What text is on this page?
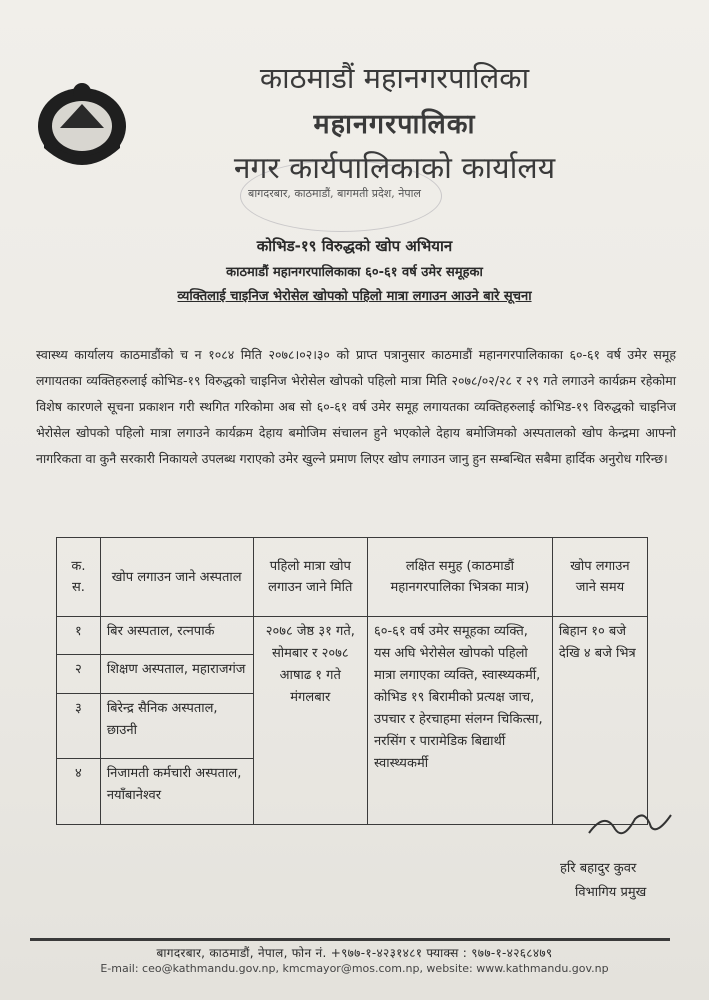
काठमाडौं महानगरपालिका
महानगरपालिका
नगर कार्यपालिकाको कार्यालय
बागदरबार, काठमाडौं, बागमती प्रदेश, नेपाल
कोभिड-१९ विरुद्धको खोप अभियान
काठमाडौं महानगरपालिकाका ६०-६१ वर्ष उमेर समूहका
व्यक्तिलाई चाइनिज भेरोसेल खोपको पहिलो मात्रा लगाउन आउने बारे सूचना
स्वास्थ्य कार्यालय काठमाडौंको च न १०८४ मिति २०७८।०२।३० को प्राप्त पत्रानुसार काठमाडौं महानगरपालिकाका ६०-६१ वर्ष उमेर समूह लगायतका व्यक्तिहरुलाई कोभिड-१९ विरुद्धको चाइनिज भेरोसेल खोपको पहिलो मात्रा मिति २०७८/०२/२८ र २९ गते लगाउने कार्यक्रम रहेकोमा विशेष कारणले सूचना प्रकाशन गरी स्थगित गरिकोमा अब सो ६०-६१ वर्ष उमेर समूह लगायतका व्यक्तिहरुलाई कोभिड-१९ विरुद्धको चाइनिज भेरोसेल खोपको पहिलो मात्रा लगाउने कार्यक्रम देहाय बमोजिम संचालन हुने भएकोले देहाय बमोजिमको अस्पतालको खोप केन्द्रमा आफ्नो नागरिकता वा कुनै सरकारी निकायले उपलब्ध गराएको उमेर खुल्ने प्रमाण लिएर खोप लगाउन जानु हुन सम्बन्धित सबैमा हार्दिक अनुरोध गरिन्छ।
क. स.	खोप लगाउन जाने अस्पताल	पहिलो मात्रा खोप लगाउन जाने मिति	लक्षित समुह (काठमाडौं महानगरपालिका भित्रका मात्र)	खोप लगाउन जाने समय
१	बिर अस्पताल, रत्नपार्क	२०७८ जेष्ठ ३१ गते, सोमबार र २०७८ आषाढ १ गते मंगलबार	६०-६१ वर्ष उमेर समूहका व्यक्ति, यस अघि भेरोसेल खोपको पहिलो मात्रा लगाएका व्यक्ति, स्वास्थ्यकर्मी, कोभिड १९ बिरामीको प्रत्यक्ष जाच, उपचार र हेरचाहमा संलग्न चिकित्सा, नरसिंग र पारामेडिक बिद्यार्थी स्वास्थ्यकर्मी	बिहान १० बजे देखि ४ बजे भित्र
२	शिक्षण अस्पताल, महाराजगंज			
३	बिरेन्द्र सैनिक अस्पताल, छाउनी			
४	निजामती कर्मचारी अस्पताल, नयाँबानेश्वर			
हरि बहादुर कुवर
विभागिय प्रमुख
बागदरबार, काठमाडौं, नेपाल, फोन नं. +९७७-१-४२३१४८१ फ्याक्स : ९७७-१-४२६८४७९
E-mail: ceo@kathmandu.gov.np, kmcmayor@mos.com.np, website: www.kathmandu.gov.np
